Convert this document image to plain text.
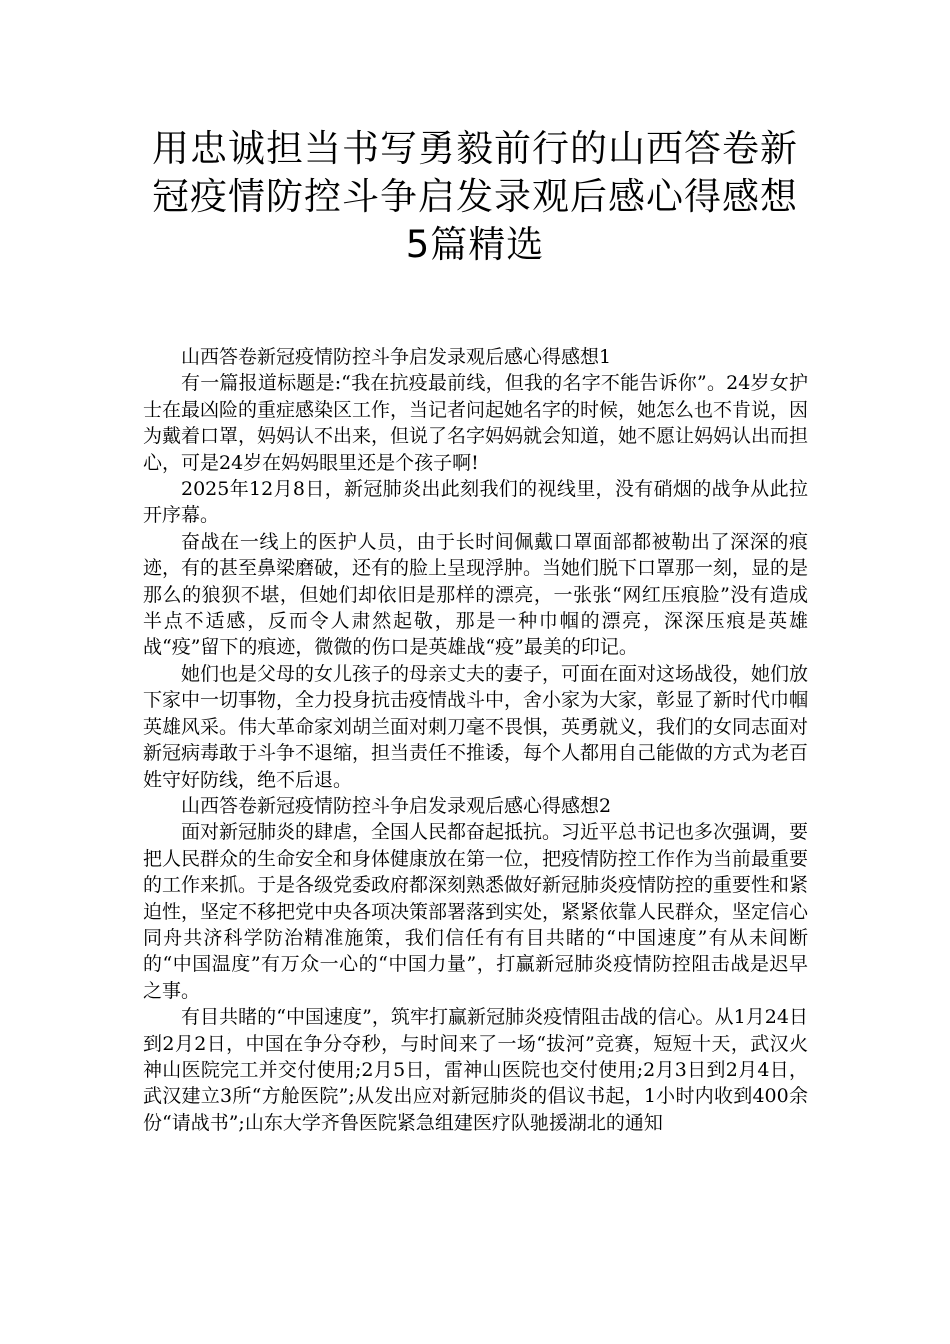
用忠诚担当书写勇毅前行的山西答卷新
冠疫情防控斗争启发录观后感心得感想
5篇精选

山西答卷新冠疫情防控斗争启发录观后感心得感想1

有一篇报道标题是:“我在抗疫最前线，但我的名字不能告诉你”。24岁女护士在最凶险的重症感染区工作，当记者问起她名字的时候，她怎么也不肯说，因为戴着口罩，妈妈认不出来，但说了名字妈妈就会知道，她不愿让妈妈认出而担心，可是24岁在妈妈眼里还是个孩子啊!

2025年12月8日，新冠肺炎出此刻我们的视线里，没有硝烟的战争从此拉开序幕。

奋战在一线上的医护人员，由于长时间佩戴口罩面部都被勒出了深深的痕迹，有的甚至鼻梁磨破，还有的脸上呈现浮肿。当她们脱下口罩那一刻，显的是那么的狼狈不堪，但她们却依旧是那样的漂亮，一张张“网红压痕脸”没有造成半点不适感，反而令人肃然起敬，那是一种巾帼的漂亮，深深压痕是英雄战“疫”留下的痕迹，微微的伤口是英雄战“疫”最美的印记。

她们也是父母的女儿孩子的母亲丈夫的妻子，可面在面对这场战役，她们放下家中一切事物，全力投身抗击疫情战斗中，舍小家为大家，彰显了新时代巾帼英雄风采。伟大革命家刘胡兰面对刺刀毫不畏惧，英勇就义，我们的女同志面对新冠病毒敢于斗争不退缩，担当责任不推诿，每个人都用自己能做的方式为老百姓守好防线，绝不后退。

山西答卷新冠疫情防控斗争启发录观后感心得感想2

面对新冠肺炎的肆虐，全国人民都奋起抵抗。习近平总书记也多次强调，要把人民群众的生命安全和身体健康放在第一位，把疫情防控工作作为当前最重要的工作来抓。于是各级党委政府都深刻熟悉做好新冠肺炎疫情防控的重要性和紧迫性，坚定不移把党中央各项决策部署落到实处，紧紧依靠人民群众，坚定信心同舟共济科学防治精准施策，我们信任有有目共睹的“中国速度”有从未间断的“中国温度”有万众一心的“中国力量”，打赢新冠肺炎疫情防控阻击战是迟早之事。

有目共睹的“中国速度”，筑牢打赢新冠肺炎疫情阻击战的信心。从1月24日到2月2日，中国在争分夺秒，与时间来了一场“拔河”竞赛，短短十天，武汉火神山医院完工并交付使用;2月5日，雷神山医院也交付使用;2月3日到2月4日，武汉建立3所“方舱医院”;从发出应对新冠肺炎的倡议书起，1小时内收到400余份“请战书”;山东大学齐鲁医院紧急组建医疗队驰援湖北的通知
